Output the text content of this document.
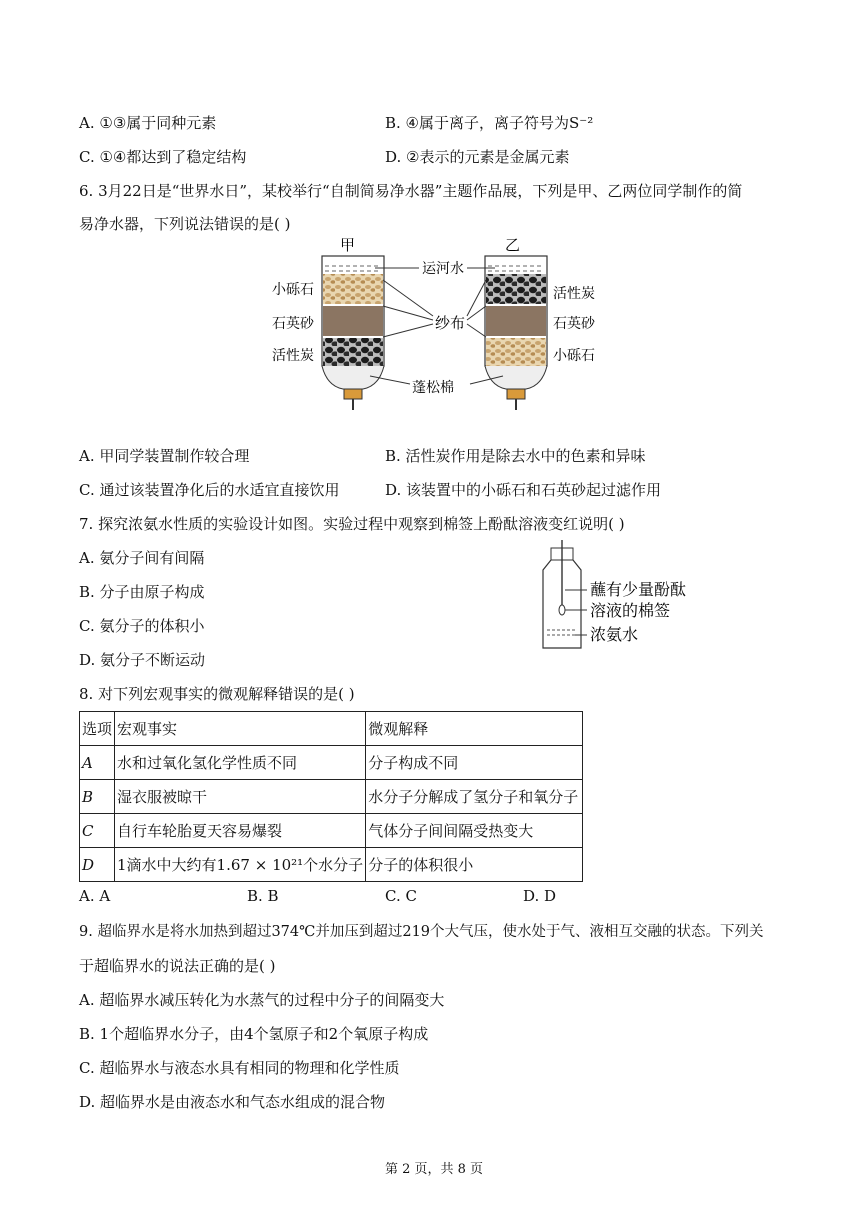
A. ①③属于同种元素	B. ④属于离子，离子符号为S⁻²
C. ①④都达到了稳定结构	D. ②表示的元素是金属元素
6. 3月22日是“世界水日”，某校举行“自制简易净水器”主题作品展，下列是甲、乙两位同学制作的简
易净水器，下列说法错误的是( )
甲	乙
运河水
纱布
蓬松棉
小砾石
石英砂
活性炭
活性炭
石英砂
小砾石
A. 甲同学装置制作较合理	B. 活性炭作用是除去水中的色素和异味
C. 通过该装置净化后的水适宜直接饮用	D. 该装置中的小砾石和石英砂起过滤作用
7. 探究浓氨水性质的实验设计如图。实验过程中观察到棉签上酚酞溶液变红说明( )
A. 氨分子间有间隔
B. 分子由原子构成
C. 氨分子的体积小
D. 氨分子不断运动
蘸有少量酚酞
溶液的棉签
浓氨水
8. 对下列宏观事实的微观解释错误的是( )
选项	宏观事实	微观解释
A	水和过氧化氢化学性质不同	分子构成不同
B	湿衣服被晾干	水分子分解成了氢分子和氧分子
C	自行车轮胎夏天容易爆裂	气体分子间间隔受热变大
D	1滴水中大约有1.67 × 10²¹个水分子	分子的体积很小
A. A	B. B	C. C	D. D
9. 超临界水是将水加热到超过374℃并加压到超过219个大气压，使水处于气、液相互交融的状态。下列关
于超临界水的说法正确的是( )
A. 超临界水减压转化为水蒸气的过程中分子的间隔变大
B. 1个超临界水分子，由4个氢原子和2个氧原子构成
C. 超临界水与液态水具有相同的物理和化学性质
D. 超临界水是由液态水和气态水组成的混合物
第 2 页，共 8 页
